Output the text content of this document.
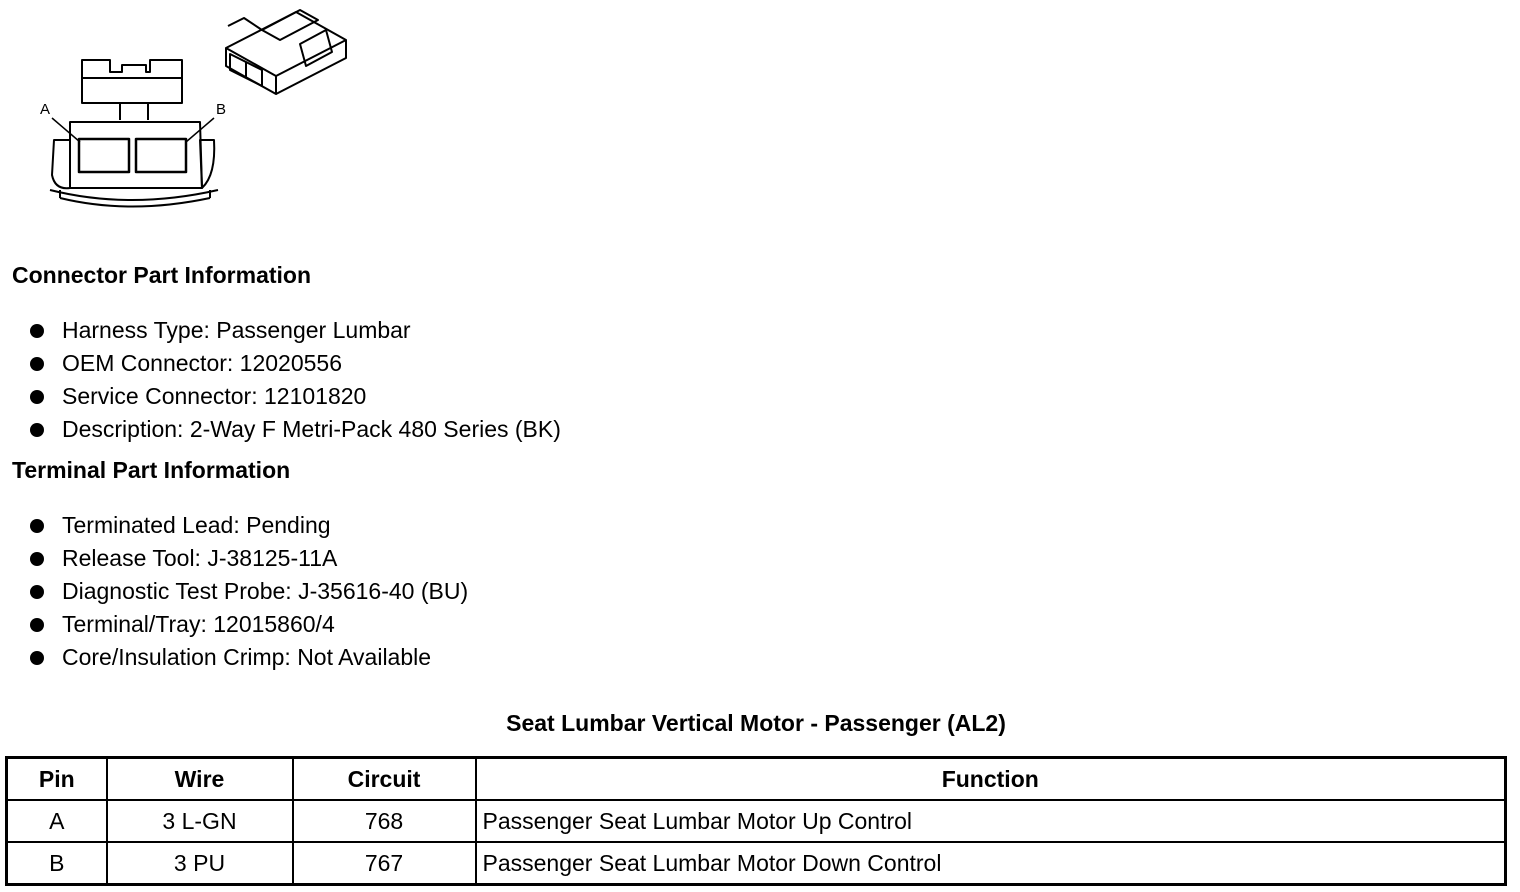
A	B
Connector Part Information
Harness Type: Passenger Lumbar
OEM Connector: 12020556
Service Connector: 12101820
Description: 2-Way F Metri-Pack 480 Series (BK)
Terminal Part Information
Terminated Lead: Pending
Release Tool: J-38125-11A
Diagnostic Test Probe: J-35616-40 (BU)
Terminal/Tray: 12015860/4
Core/Insulation Crimp: Not Available
Seat Lumbar Vertical Motor - Passenger (AL2)
Pin	Wire	Circuit	Function
A	3 L-GN	768	Passenger Seat Lumbar Motor Up Control
B	3 PU	767	Passenger Seat Lumbar Motor Down Control
